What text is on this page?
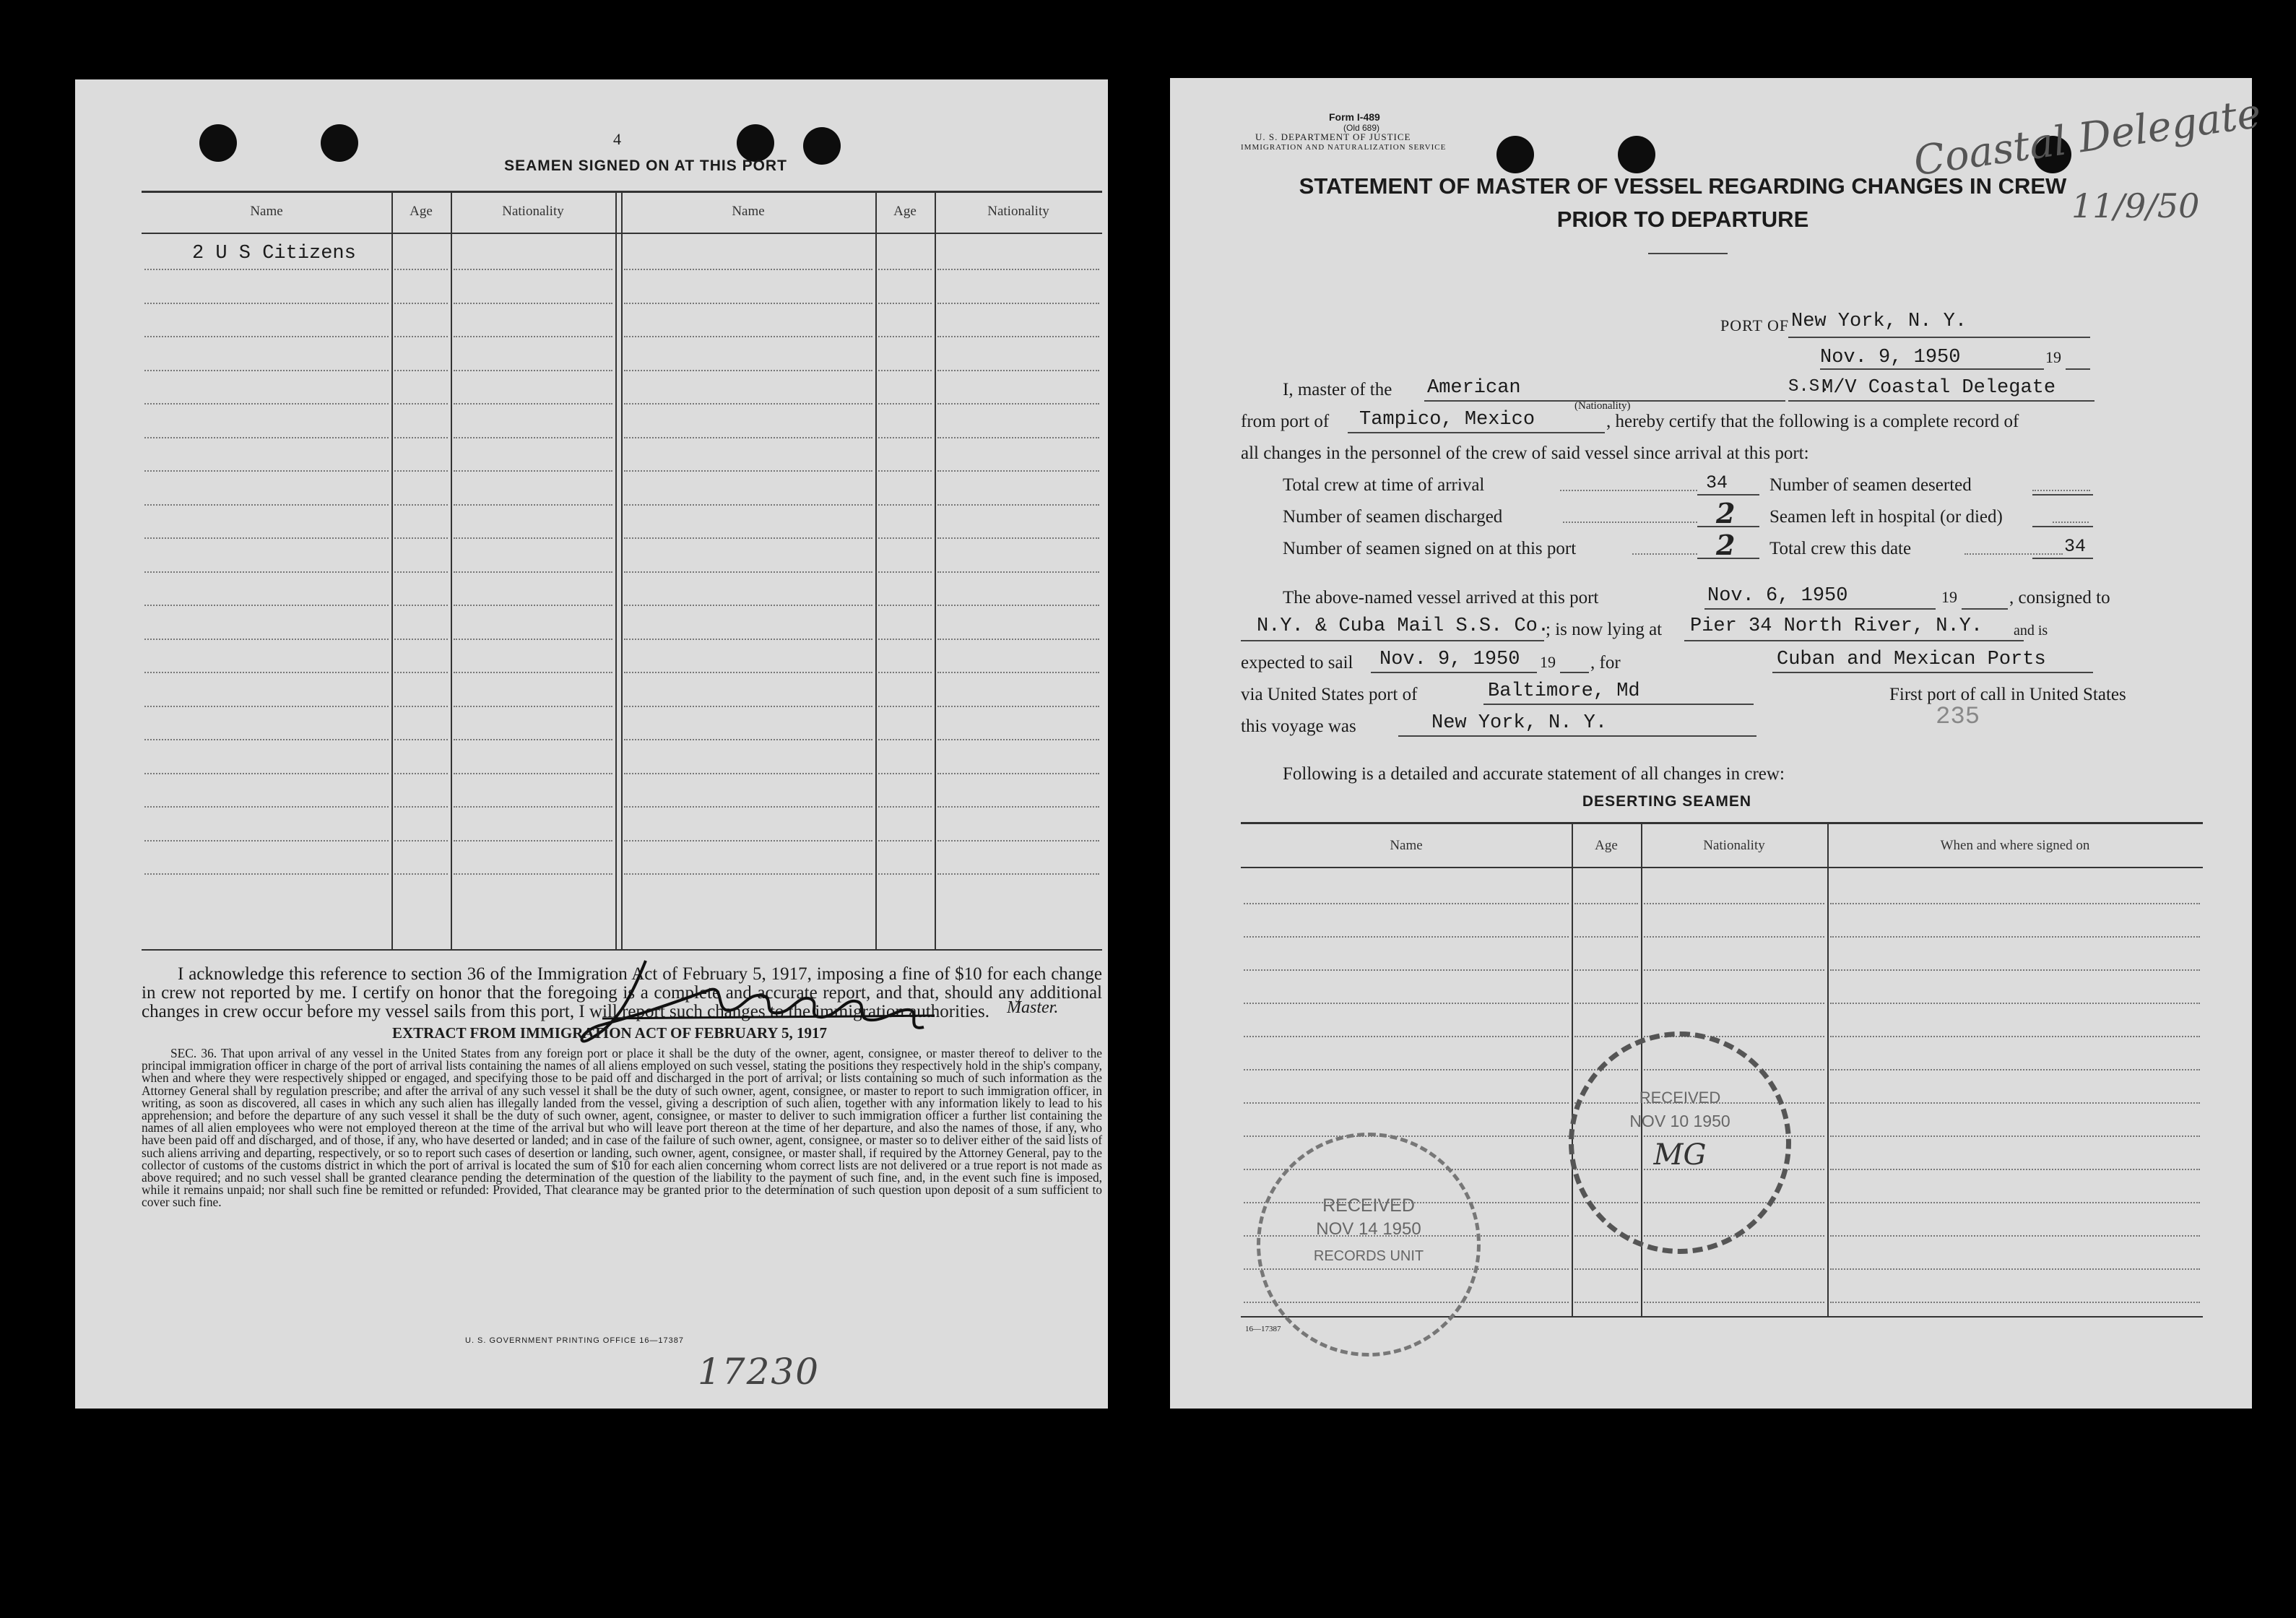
4
SEAMEN SIGNED ON AT THIS PORT
Name	Age	Nationality	Name	Age	Nationality
2 U S Citizens

I acknowledge this reference to section 36 of the Immigration Act of February 5, 1917, imposing a fine of $10 for each change in crew not reported by me. I certify on honor that the foregoing is a complete and accurate report, and that, should any additional changes in crew occur before my vessel sails from this port, I will report such changes to the immigration authorities.	Master.
EXTRACT FROM IMMIGRATION ACT OF FEBRUARY 5, 1917

SEC. 36. That upon arrival of any vessel in the United States from any foreign port or place it shall be the duty of the owner, agent, consignee, or master thereof to deliver to the principal immigration officer in charge of the port of arrival lists containing the names of all aliens employed on such vessel, stating the positions they respectively hold in the ship's company, when and where they were respectively shipped or engaged, and specifying those to be paid off and discharged in the port of arrival; or lists containing so much of such information as the Attorney General shall by regulation prescribe; and after the arrival of any such vessel it shall be the duty of such owner, agent, consignee, or master to report to such immigration officer, in writing, as soon as discovered, all cases in which any such alien has illegally landed from the vessel, giving a description of such alien, together with any information likely to lead to his apprehension; and before the departure of any such vessel it shall be the duty of such owner, agent, consignee, or master to deliver to such immigration officer a further list containing the names of all alien employees who were not employed thereon at the time of the arrival but who will leave port thereon at the time of her departure, and also the names of those, if any, who have been paid off and discharged, and of those, if any, who have deserted or landed; and in case of the failure of such owner, agent, consignee, or master so to deliver either of the said lists of such aliens arriving and departing, respectively, or so to report such cases of desertion or landing, such owner, agent, consignee, or master shall, if required by the Attorney General, pay to the collector of customs of the customs district in which the port of arrival is located the sum of $10 for each alien concerning whom correct lists are not delivered or a true report is not made as above required; and no such vessel shall be granted clearance pending the determination of the question of the liability to the payment of such fine, and, in the event such fine is imposed, while it remains unpaid; nor shall such fine be remitted or refunded: Provided, That clearance may be granted prior to the determination of such question upon deposit of a sum sufficient to cover such fine.

U. S. GOVERNMENT PRINTING OFFICE 16—17387
17230
Form I-489
(Old 689)
U. S. DEPARTMENT OF JUSTICE
IMMIGRATION AND NATURALIZATION SERVICE	Coastal Delegate
11/9/50
STATEMENT OF MASTER OF VESSEL REGARDING CHANGES IN CREW
PRIOR TO DEPARTURE
PORT OF New York, N. Y.
Nov. 9, 1950	19
I, master of the American
(Nationality)
S.S.
M/V Coastal Delegate
from port of Tampico, Mexico	, hereby certify that the following is a complete record of
all changes in the personnel of the crew of said vessel since arrival at this port:
Total crew at time of arrival	34 Number of seamen deserted
Number of seamen discharged	2 Seamen left in hospital (or died)
Number of seamen signed on at this port	2 Total crew this date	34
The above-named vessel arrived at this port	Nov. 6, 1950	19	, consigned to
N.Y. & Cuba Mail S.S. Co.
; is now lying at Pier 34 North River, N.Y. and is
expected to sail Nov. 9, 1950 19 , for	Cuban and Mexican Ports
via United States port of	Baltimore, Md	First port of call in United States
this voyage was	New York, N. Y.	235
Following is a detailed and accurate statement of all changes in crew:
DESERTING SEAMEN
Name	Age	Nationality	When and where signed on
16—17387
RECEIVED
NOV 14 1950
RECORDS UNIT
RECEIVED
NOV 10 1950
MG
